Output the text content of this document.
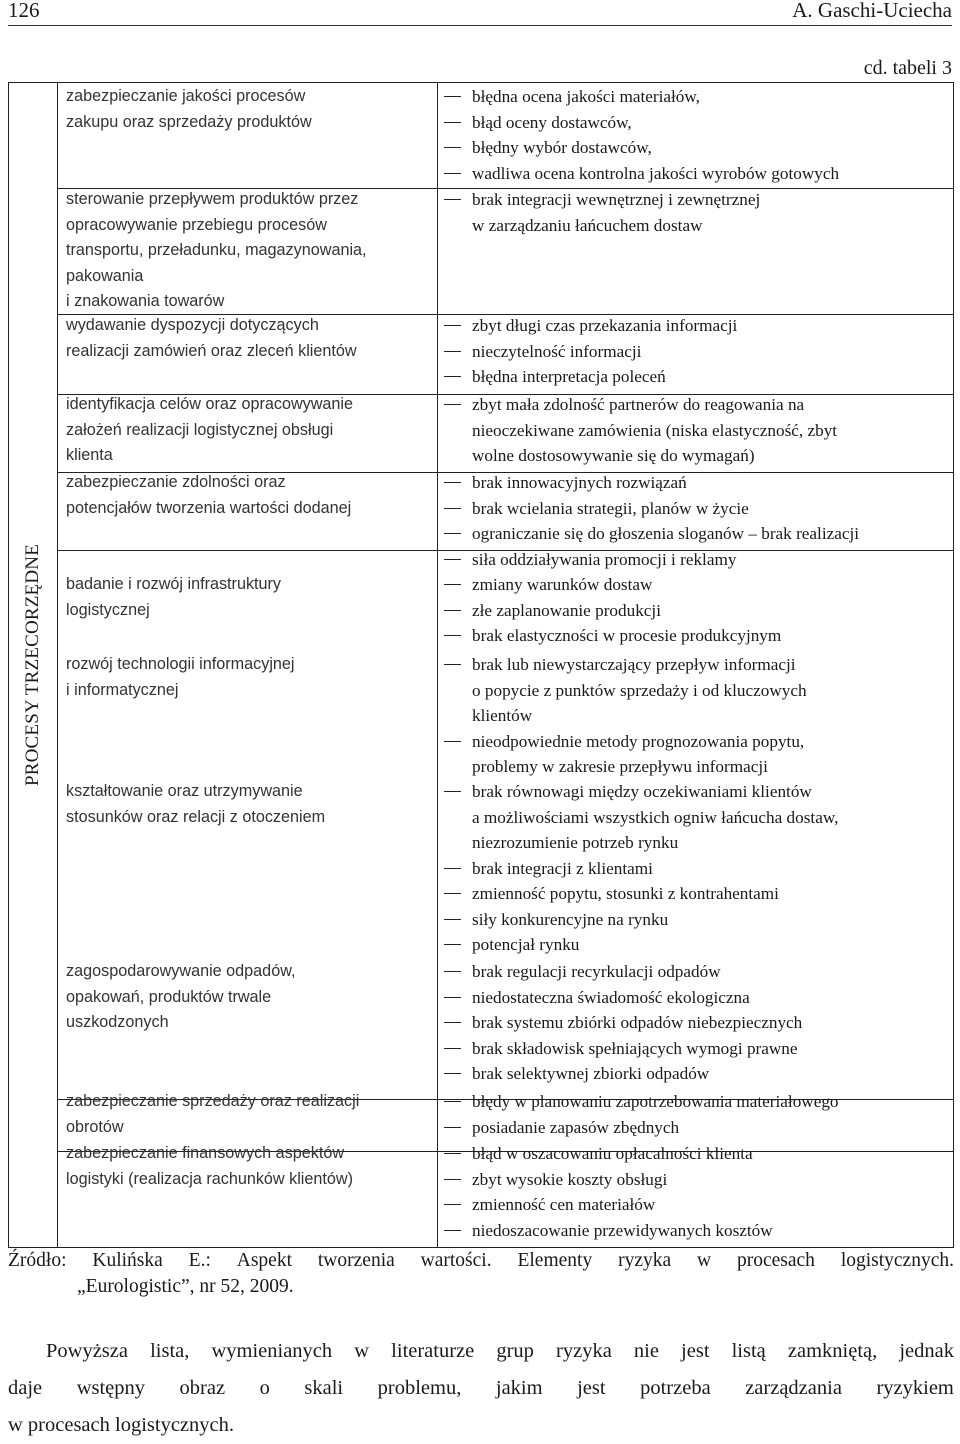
126	A. Gaschi-Uciecha
cd. tabeli 3
PROCESY TRZECORZĘDNE
zabezpieczanie jakości procesów
zakupu oraz sprzedaży produktów
sterowanie przepływem produktów przez
opracowywanie przebiegu procesów
transportu, przeładunku, magazynowania,
pakowania
i znakowania towarów
wydawanie dyspozycji dotyczących
realizacji zamówień oraz zleceń klientów
identyfikacja celów oraz opracowywanie
założeń realizacji logistycznej obsługi
klienta
zabezpieczanie zdolności oraz
potencjałów tworzenia wartości dodanej
badanie i rozwój infrastruktury
logistycznej
rozwój technologii informacyjnej
i informatycznej
kształtowanie oraz utrzymywanie
stosunków oraz relacji z otoczeniem
zagospodarowywanie odpadów,
opakowań, produktów trwale
uszkodzonych
zabezpieczanie sprzedaży oraz realizacji
obrotów
zabezpieczanie finansowych aspektów
logistyki (realizacja rachunków klientów)
błędna ocena jakości materiałów,
błąd oceny dostawców,
błędny wybór dostawców,
wadliwa ocena kontrolna jakości wyrobów gotowych
brak integracji wewnętrznej i zewnętrznej
w zarządzaniu łańcuchem dostaw
zbyt długi czas przekazania informacji
nieczytelność informacji
błędna interpretacja poleceń
zbyt mała zdolność partnerów do reagowania na
nieoczekiwane zamówienia (niska elastyczność, zbyt
wolne dostosowywanie się do wymagań)
brak innowacyjnych rozwiązań
brak wcielania strategii, planów w życie
ograniczanie się do głoszenia sloganów – brak realizacji
siła oddziaływania promocji i reklamy
zmiany warunków dostaw
złe zaplanowanie produkcji
brak elastyczności w procesie produkcyjnym
brak lub niewystarczający przepływ informacji
o popycie z punktów sprzedaży i od kluczowych
klientów
nieodpowiednie metody prognozowania popytu,
problemy w zakresie przepływu informacji
brak równowagi między oczekiwaniami klientów
a możliwościami wszystkich ogniw łańcucha dostaw,
niezrozumienie potrzeb rynku
brak integracji z klientami
zmienność popytu, stosunki z kontrahentami
siły konkurencyjne na rynku
potencjał rynku
brak regulacji recyrkulacji odpadów
niedostateczna świadomość ekologiczna
brak systemu zbiórki odpadów niebezpiecznych
brak składowisk spełniających wymogi prawne
brak selektywnej zbiorki odpadów
błędy w planowaniu zapotrzebowania materiałowego
posiadanie zapasów zbędnych
błąd w oszacowaniu opłacalności klienta
zbyt wysokie koszty obsługi
zmienność cen materiałów
niedoszacowanie przewidywanych kosztów
Źródło: Kulińska E.: Aspekt tworzenia wartości. Elementy ryzyka w procesach logistycznych.
„Eurologistic”, nr 52, 2009.
Powyższa lista, wymienianych w literaturze grup ryzyka nie jest listą zamkniętą, jednak
daje wstępny obraz o skali problemu, jakim jest potrzeba zarządzania ryzykiem
w procesach logistycznych.
